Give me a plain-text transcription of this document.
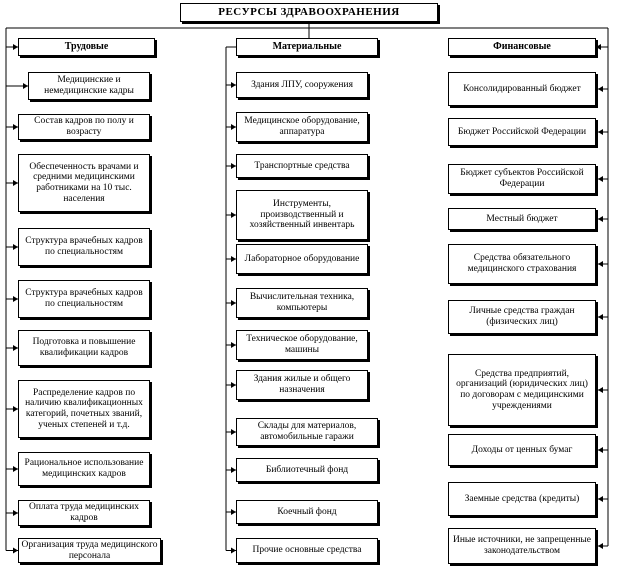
РЕСУРСЫ ЗДРАВООХРАНЕНИЯ
Трудовые
Медицинские и немедицинские кадры
Состав кадров по полу и возрасту
Обеспеченность врачами и средними медицинскими работниками на 10 тыс. населения
Структура врачебных кадров по специальностям
Структура врачебных кадров по специальностям
Подготовка и повышение квалификации кадров
Распределение кадров по наличию квалификационных категорий, почетных званий, ученых степеней и т.д.
Рациональное использование медицинских кадров
Оплата труда медицинских кадров
Организация труда медицинского персонала
Материальные
Здания ЛПУ, сооружения
Медицинское оборудование, аппаратура
Транспортные средства
Инструменты, производственный и хозяйственный инвентарь
Лабораторное оборудование
Вычислительная техника, компьютеры
Техническое оборудование, машины
Здания жилые и общего назначения
Склады для материалов, автомобильные гаражи
Библиотечный фонд
Коечный фонд
Прочие основные средства
Финансовые
Консолидированный бюджет
Бюджет Российской Федерации
Бюджет субъектов Российской Федерации
Местный бюджет
Средства обязательного медицинского страхования
Личные средства граждан (физических лиц)
Средства предприятий, организаций (юридических лиц) по договорам с медицинскими учреждениями
Доходы от ценных бумаг
Заемные средства (кредиты)
Иные источники, не запрещенные законодательством
